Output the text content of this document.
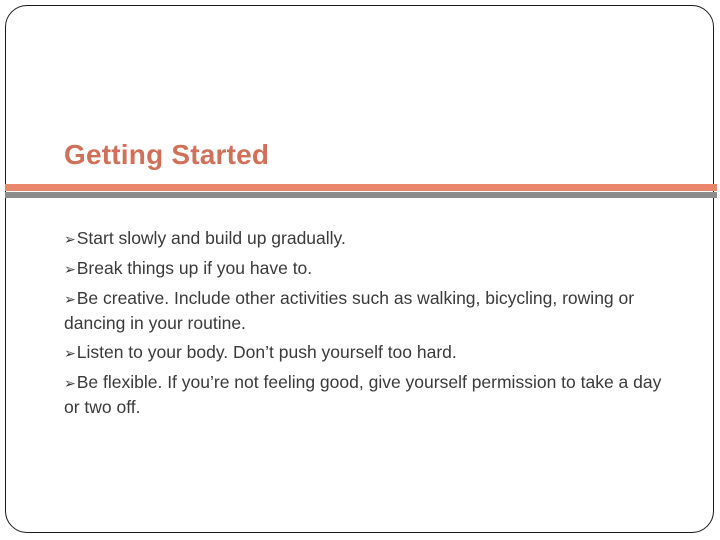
Getting Started
➢Start slowly and build up gradually.
➢Break things up if you have to.
➢Be creative. Include other activities such as walking, bicycling, rowing or dancing in your routine.
➢Listen to your body. Don’t push yourself too hard.
➢Be flexible. If you’re not feeling good, give yourself permission to take a day or two off.
